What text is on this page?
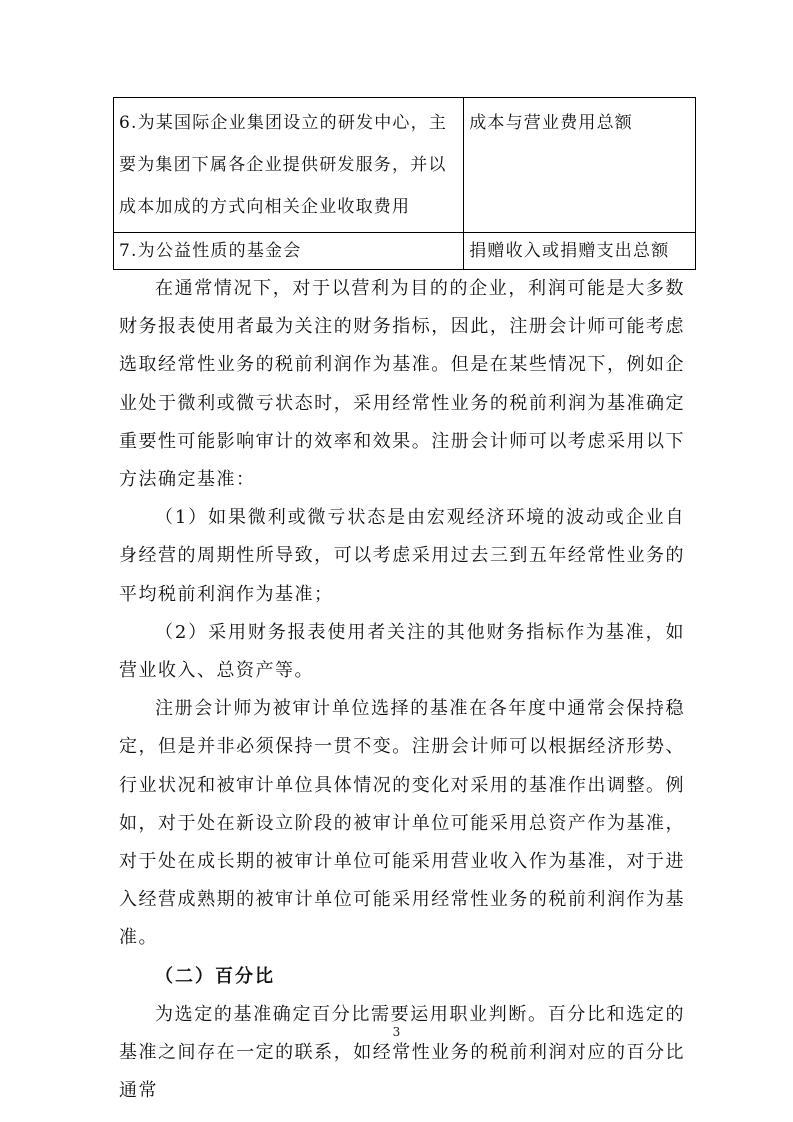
6.为某国际企业集团设立的研发中心，主要为集团下属各企业提供研发服务，并以成本加成的方式向相关企业收取费用	成本与营业费用总额
7.为公益性质的基金会	捐赠收入或捐赠支出总额

在通常情况下，对于以营利为目的的企业，利润可能是大多数财务报表使用者最为关注的财务指标，因此，注册会计师可能考虑选取经常性业务的税前利润作为基准。但是在某些情况下，例如企业处于微利或微亏状态时，采用经常性业务的税前利润为基准确定重要性可能影响审计的效率和效果。注册会计师可以考虑采用以下方法确定基准：

（1）如果微利或微亏状态是由宏观经济环境的波动或企业自身经营的周期性所导致，可以考虑采用过去三到五年经常性业务的平均税前利润作为基准；

（2）采用财务报表使用者关注的其他财务指标作为基准，如营业收入、总资产等。

注册会计师为被审计单位选择的基准在各年度中通常会保持稳定，但是并非必须保持一贯不变。注册会计师可以根据经济形势、行业状况和被审计单位具体情况的变化对采用的基准作出调整。例如，对于处在新设立阶段的被审计单位可能采用总资产作为基准，对于处在成长期的被审计单位可能采用营业收入作为基准，对于进入经营成熟期的被审计单位可能采用经常性业务的税前利润作为基准。

（二）百分比

为选定的基准确定百分比需要运用职业判断。百分比和选定的基准之间存在一定的联系，如经常性业务的税前利润对应的百分比通常

3
